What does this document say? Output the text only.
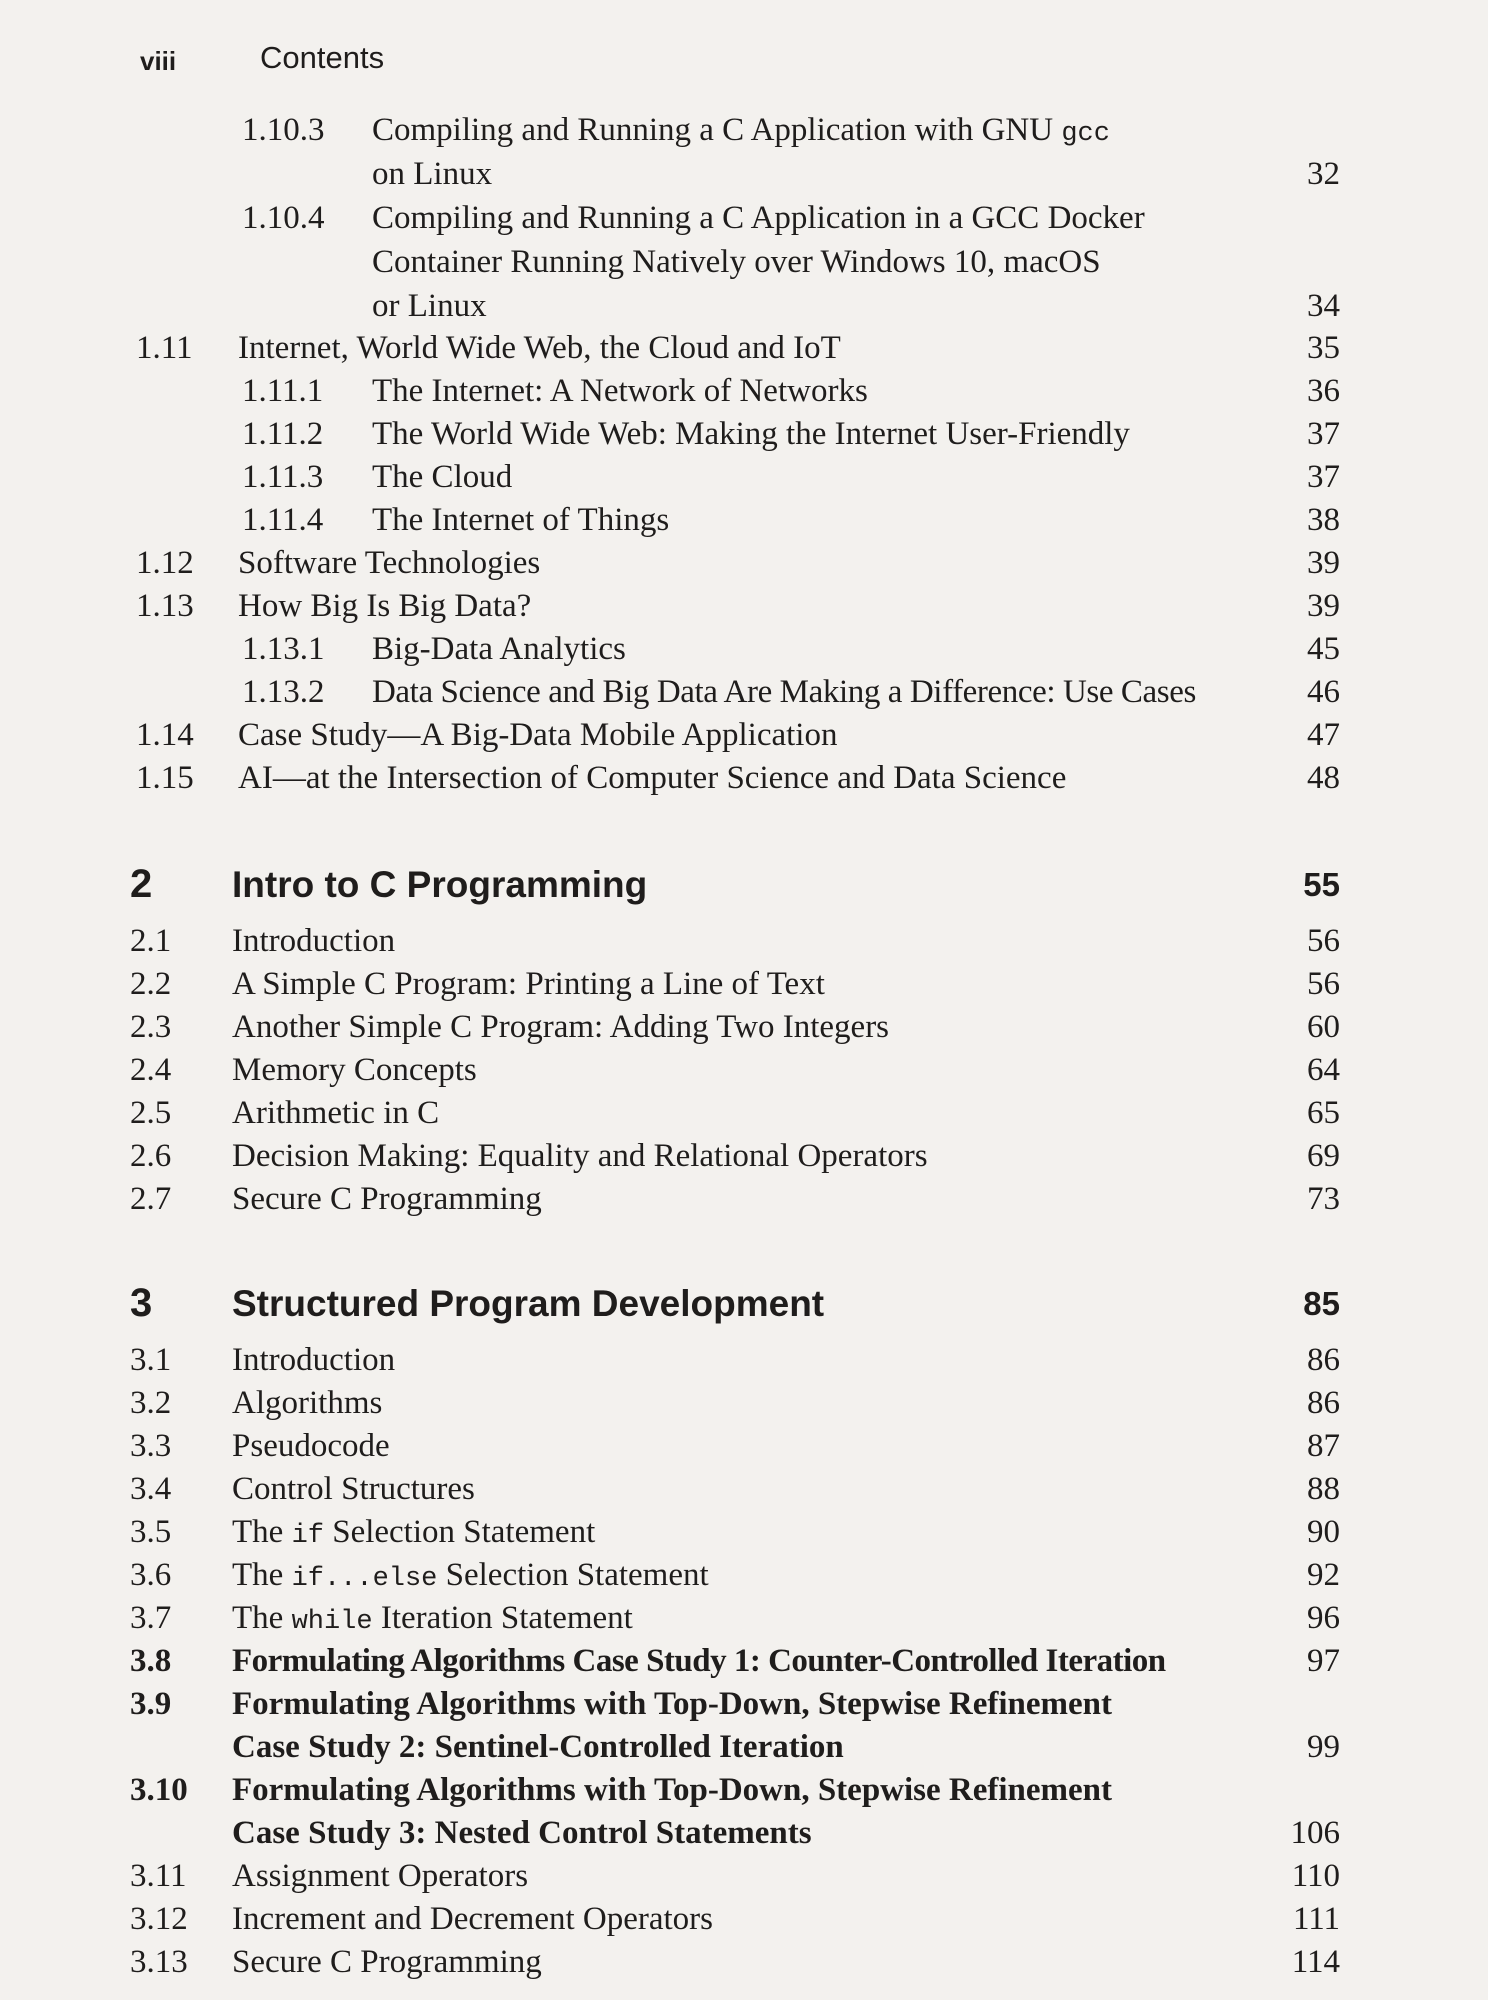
viii	Contents
1.10.3 Compiling and Running a C Application with GNU gcc
on Linux	32
1.10.4 Compiling and Running a C Application in a GCC Docker
Container Running Natively over Windows 10, macOS
or Linux	34
1.11 Internet, World Wide Web, the Cloud and IoT	35
1.11.1 The Internet: A Network of Networks	36
1.11.2 The World Wide Web: Making the Internet User-Friendly	37
1.11.3 The Cloud	37
1.11.4 The Internet of Things	38
1.12 Software Technologies	39
1.13 How Big Is Big Data?	39
1.13.1 Big-Data Analytics	45
1.13.2 Data Science and Big Data Are Making a Difference: Use Cases	46
1.14 Case Study—A Big-Data Mobile Application	47
1.15 AI—at the Intersection of Computer Science and Data Science	48
2 Intro to C Programming	55
2.1 Introduction	56
2.2 A Simple C Program: Printing a Line of Text	56
2.3 Another Simple C Program: Adding Two Integers	60
2.4 Memory Concepts	64
2.5 Arithmetic in C	65
2.6 Decision Making: Equality and Relational Operators	69
2.7 Secure C Programming	73
3 Structured Program Development	85
3.1 Introduction	86
3.2 Algorithms	86
3.3 Pseudocode	87
3.4 Control Structures	88
3.5 The if Selection Statement	90
3.6 The if...else Selection Statement	92
3.7 The while Iteration Statement	96
3.8 Formulating Algorithms Case Study 1: Counter-Controlled Iteration	97
3.9 Formulating Algorithms with Top-Down, Stepwise Refinement
Case Study 2: Sentinel-Controlled Iteration	99
3.10 Formulating Algorithms with Top-Down, Stepwise Refinement
Case Study 3: Nested Control Statements	106
3.11 Assignment Operators	110
3.12 Increment and Decrement Operators	111
3.13 Secure C Programming	114
